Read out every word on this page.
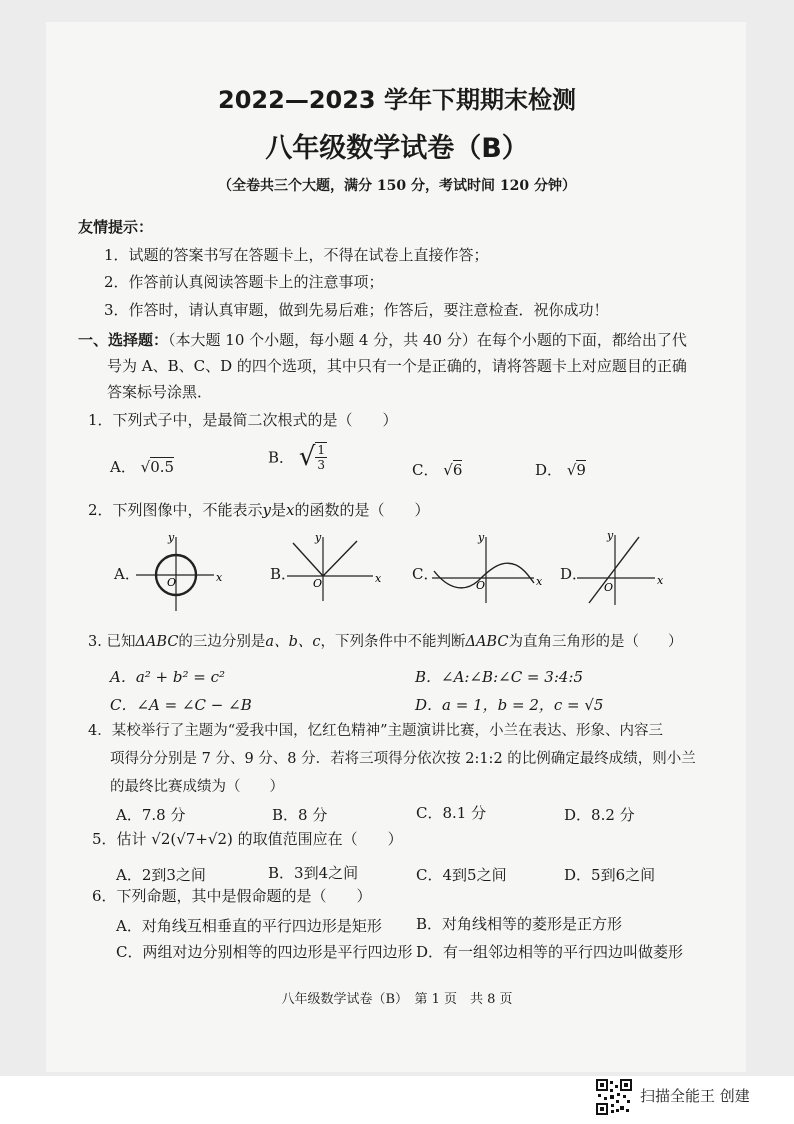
2022—2023 学年下期期末检测
八年级数学试卷（B）
（全卷共三个大题，满分 150 分，考试时间 120 分钟）
友情提示：
1．试题的答案书写在答题卡上，不得在试卷上直接作答；
2．作答前认真阅读答题卡上的注意事项；
3．作答时，请认真审题，做到先易后难；作答后，要注意检查．祝你成功！
一、选择题：（本大题 10 个小题，每小题 4 分，共 40 分）在每个小题的下面，都给出了代
号为 A、B、C、D 的四个选项，其中只有一个是正确的，请将答题卡上对应题目的正确
答案标号涂黑．
1．下列式子中，是最简二次根式的是（　　）
A． √0.5
B． √ $\frac{1}{3}$	C． √6	D． √9
2．下列图像中，不能表示y是x的函数的是（　　）
A．	x
y
O	B．	x
y
O
C．	x
y
O
D．	x
y
O
3. 已知ΔABC的三边分别是a、b、c，下列条件中不能判断ΔABC为直角三角形的是（　　）
A．a² + b² = c²	B．∠A:∠B:∠C = 3:4:5
C．∠A = ∠C − ∠B	D．a = 1，b = 2，c = √5
4．某校举行了主题为“爱我中国，忆红色精神”主题演讲比赛，小兰在表达、形象、内容三
项得分分别是 7 分、9 分、8 分．若将三项得分依次按 2:1:2 的比例确定最终成绩，则小兰
的最终比赛成绩为（　　）
A．7.8 分	B．8 分	C．8.1 分	D．8.2 分
5．估计 √2(√7+√2) 的取值范围应在（　　）
A．2到3之间	B．3到4之间	C．4到5之间	D．5到6之间
6．下列命题，其中是假命题的是（　　）
A．对角线互相垂直的平行四边形是矩形 B．对角线相等的菱形是正方形
C．两组对边分别相等的四边形是平行四边形 D．有一组邻边相等的平行四边叫做菱形
八年级数学试卷（B）　第 1 页　共 8 页
扫描全能王 创建
